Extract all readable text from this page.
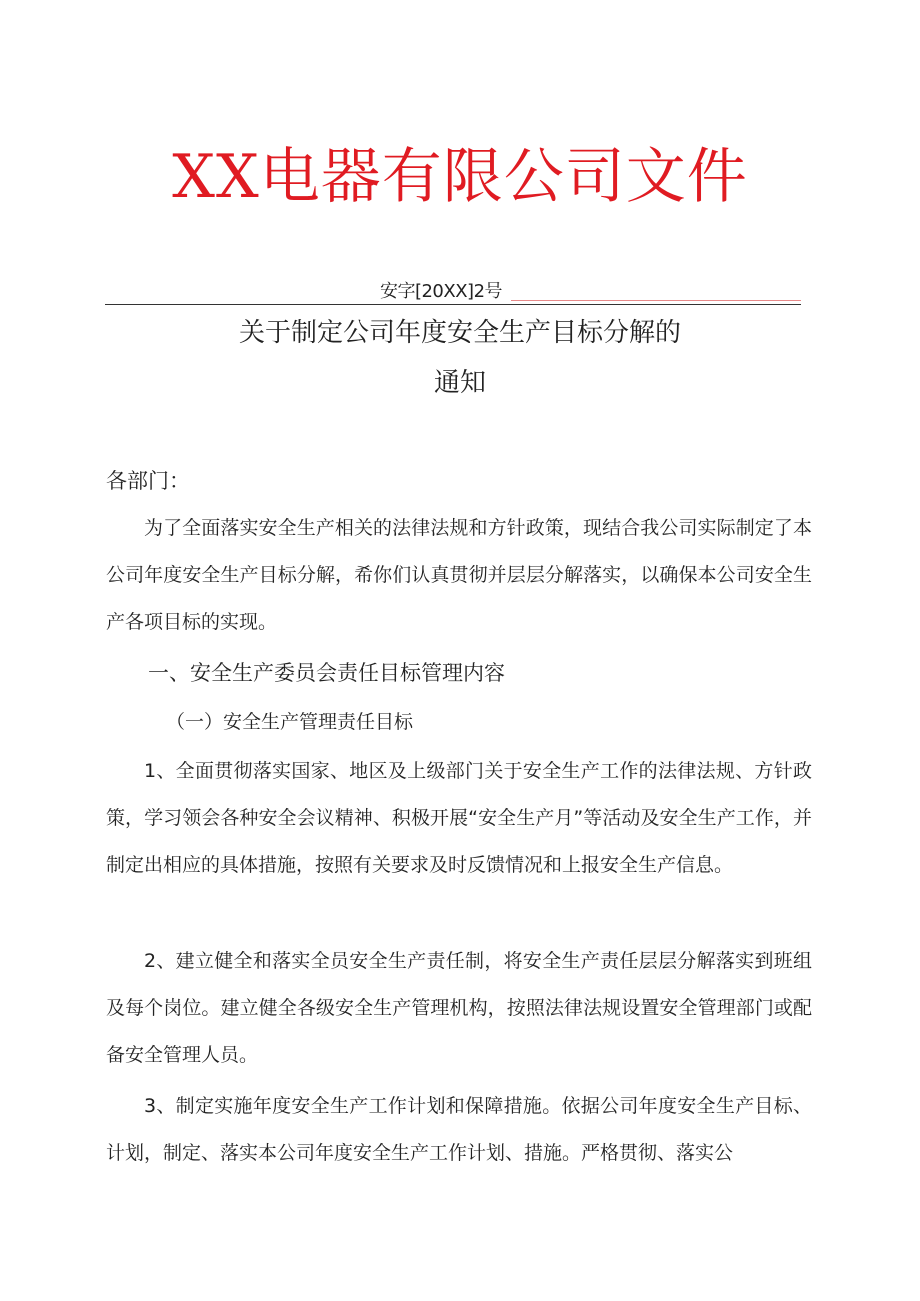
XX电器有限公司文件
安字[20XX]2号
关于制定公司年度安全生产目标分解的
通知

各部门：

为了全面落实安全生产相关的法律法规和方针政策，现结合我公司实际制定了本公司年度安全生产目标分解，希你们认真贯彻并层层分解落实，以确保本公司安全生产各项目标的实现。

一、安全生产委员会责任目标管理内容

（一）安全生产管理责任目标

1、全面贯彻落实国家、地区及上级部门关于安全生产工作的法律法规、方针政策，学习领会各种安全会议精神、积极开展“安全生产月”等活动及安全生产工作，并制定出相应的具体措施，按照有关要求及时反馈情况和上报安全生产信息。

2、建立健全和落实全员安全生产责任制，将安全生产责任层层分解落实到班组及每个岗位。建立健全各级安全生产管理机构，按照法律法规设置安全管理部门或配备安全管理人员。

3、制定实施年度安全生产工作计划和保障措施。依据公司年度安全生产目标、计划，制定、落实本公司年度安全生产工作计划、措施。严格贯彻、落实公
